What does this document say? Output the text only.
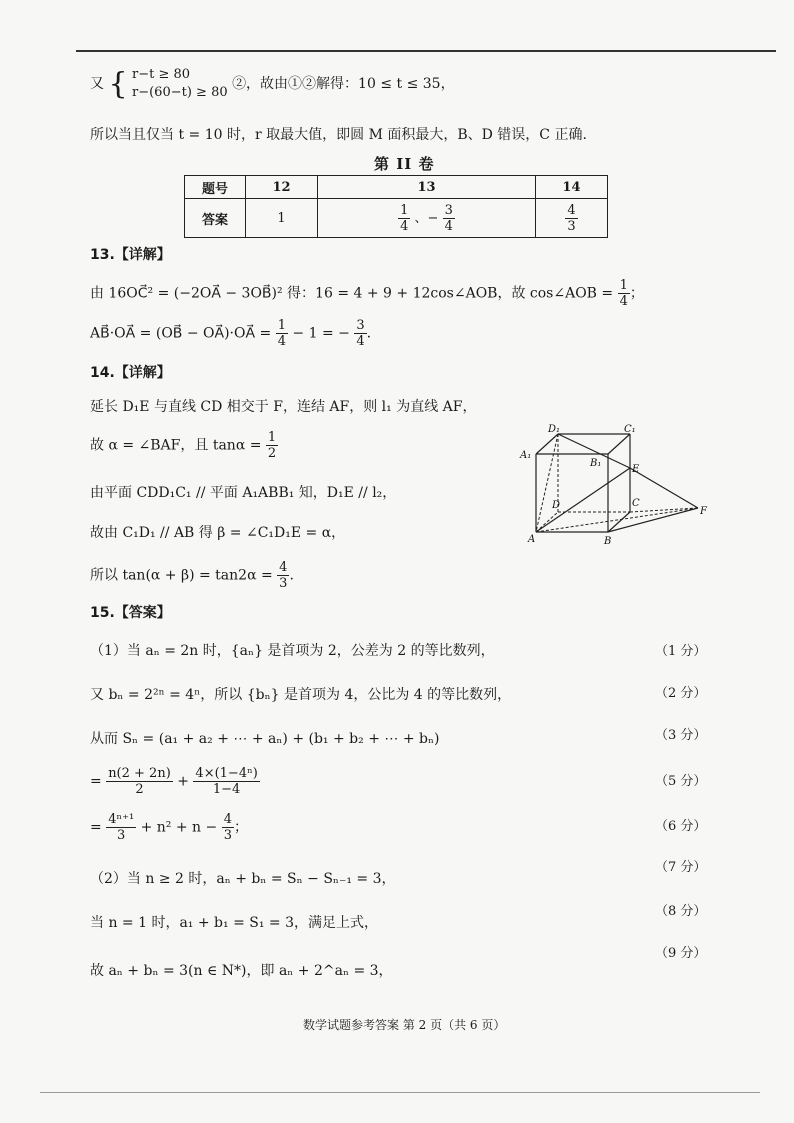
又 { r−t ≥ 80
r−(60−t) ≥ 80
②，故由①②解得：10 ≤ t ≤ 35，
所以当且仅当 t = 10 时，r 取最大值，即圆 M 面积最大，B、D 错误，C 正确.
第 II 卷
题号	12	13	14
答案	1	$\frac{1}{4}$ 、− $\frac{3}{4}$	$\frac{4}{3}$
13.【详解】
由 16OC⃗² = (−2OA⃗ − 3OB⃗)² 得：16 = 4 + 9 + 12cos∠AOB，故 cos∠AOB = $\frac{1}{4}$ ；
AB⃗·OA⃗ = (OB⃗ − OA⃗)·OA⃗ = $\frac{1}{4} - 1$ = − $\frac{3}{4}$ .
14.【详解】
延长 D₁E 与直线 CD 相交于 F，连结 AF，则 l₁ 为直线 AF，
故 α = ∠BAF，且 $\tan\alpha = \frac{1}{2}$
由平面 CDD₁C₁ // 平面 A₁ABB₁ 知，D₁E // l₂，
故由 C₁D₁ // AB 得 β = ∠C₁D₁E = α，
所以 $\tan(\alpha + \beta) = \tan 2\alpha = \frac{4}{3}$ .
D₁	C₁
A₁
B₁
E
C
D
F
A	B
15.【答案】
（1）当 aₙ = 2n 时，{aₙ} 是首项为 2，公差为 2 的等比数列，
又 bₙ = 2²ⁿ = 4ⁿ，所以 {bₙ} 是首项为 4，公比为 4 的等比数列，
从而 Sₙ = (a₁ + a₂ + ⋯ + aₙ) + (b₁ + b₂ + ⋯ + bₙ)
= $\frac{n(2 + 2n)}{2} + \frac{\text{4×(1−4ⁿ)}}{1-4}$
= $\frac{\text{4ⁿ⁺¹}}{3} + n^2 + n - \frac{4}{3}$ ；
（2）当 n ≥ 2 时，aₙ + bₙ = Sₙ − Sₙ₋₁ = 3，
当 n = 1 时，a₁ + b₁ = S₁ = 3，满足上式，
故 aₙ + bₙ = 3(n ∈ N*)，即 aₙ + 2^aₙ = 3，
（1 分）
（2 分）
（3 分）
（5 分）
（6 分）
（7 分）
（8 分）
（9 分）
数学试题参考答案 第 2 页（共 6 页）
